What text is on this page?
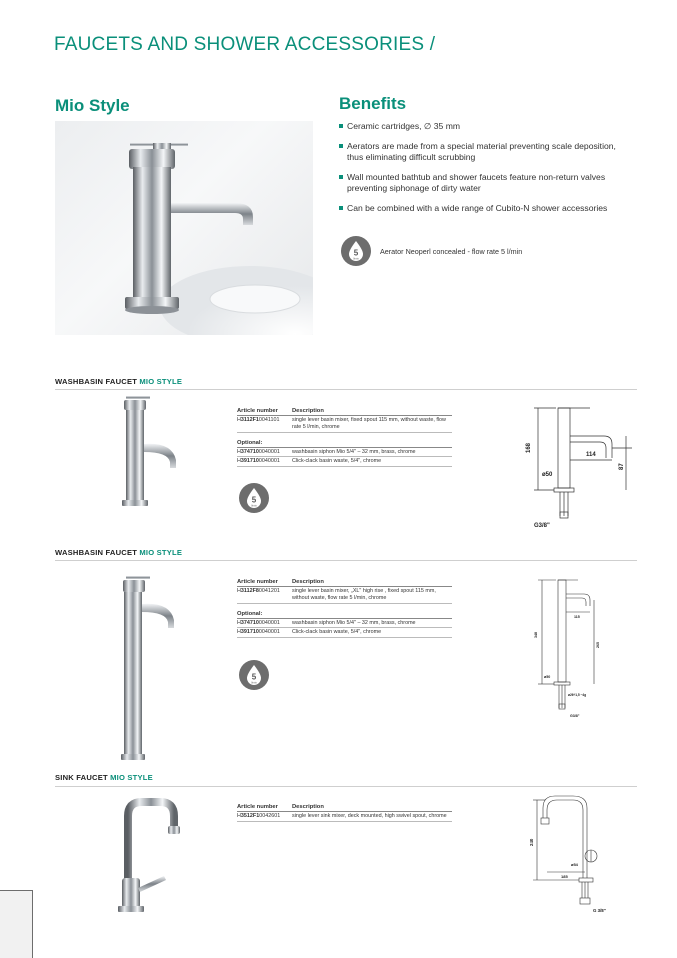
FAUCETS AND SHOWER ACCESSORIES /
Mio Style	Benefits
Ceramic cartridges, ∅ 35 mm
Aerators are made from a special material preventing scale deposition, thus eliminating difficult scrubbing
Wall mounted bathtub and shower faucets feature non-return valves preventing siphonage of dirty water
Can be combined with a wide range of Cubito-N shower accessories
5
l/min
Aerator Neoperl concealed - flow rate 5 l/min
WASHBASIN FAUCET MIO STYLE
Article number	Description
H3112F10041101	single lever basin mixer, fixed spout 115 mm, without waste, flow rate 5 l/min, chrome
Optional:
H3747100040001	washbasin siphon Mio 5/4" – 32 mm, brass, chrome
H3917100040001	Click-clack basin waste, 5/4", chrome
5
l/min
168
114
87
ø50
G3/8"
WASHBASIN FAUCET MIO STYLE
Article number	Description
H3112F80041201	single lever basin mixer, „XL" high rise , fixed spout 115 mm, without waste, flow rate 5 l/min, chrome
Optional:
H3747100040001	washbasin siphon Mio 5/4" – 32 mm, brass, chrome
H3917100040001	Click-clack basin waste, 5/4", chrome
5
l/min
348
115
265
ø50
ø26÷1,5 ~4g
G3/8"
SINK FAUCET MIO STYLE
Article number	Description
H3512F10042601	single lever sink mixer, deck mounted, high swivel spout, chrome
240
ø54
185
G 3/8"
